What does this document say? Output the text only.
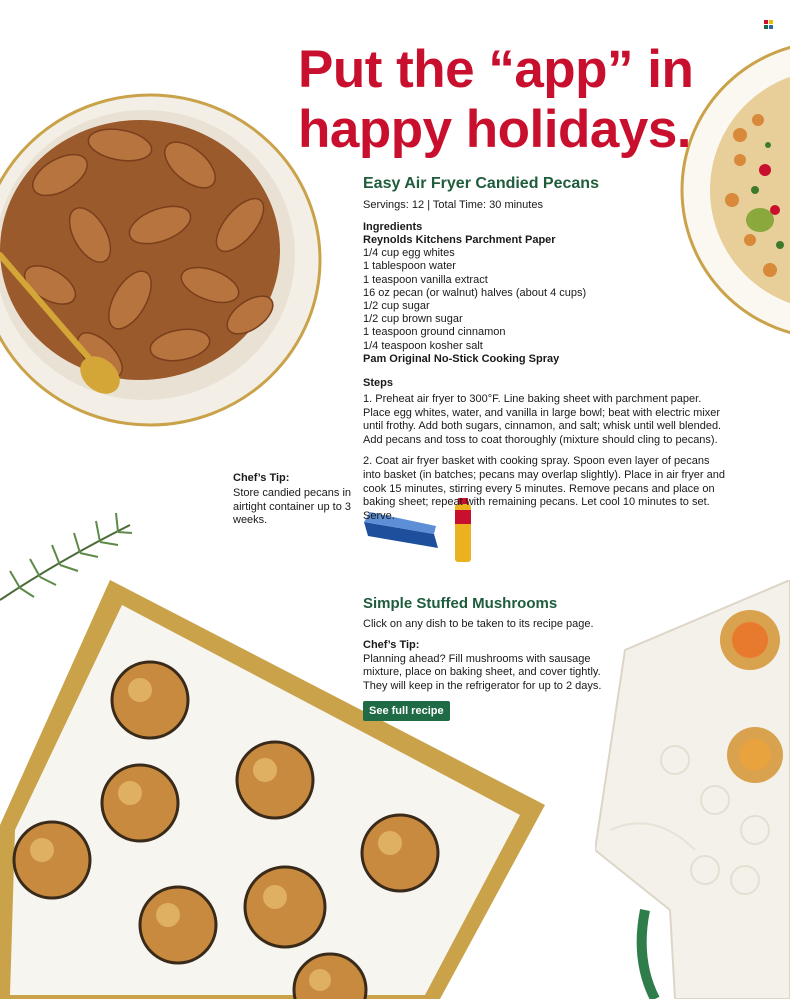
Put the “app” in happy holidays.
Easy Air Fryer Candied Pecans
Servings: 12 | Total Time: 30 minutes
Ingredients
Reynolds Kitchens Parchment Paper
1/4 cup egg whites
1 tablespoon water
1 teaspoon vanilla extract
16 oz pecan (or walnut) halves (about 4 cups)
1/2 cup sugar
1/2 cup brown sugar
1 teaspoon ground cinnamon
1/4 teaspoon kosher salt
Pam Original No-Stick Cooking Spray
Steps

1. Preheat air fryer to 300°F. Line baking sheet with parchment paper. Place egg whites, water, and vanilla in large bowl; beat with electric mixer until frothy. Add both sugars, cinnamon, and salt; whisk until well blended. Add pecans and toss to coat thoroughly (mixture should cling to pecans).

2. Coat air fryer basket with cooking spray. Spoon even layer of pecans into basket (in batches; pecans may overlap slightly). Place in air fryer and cook 15 minutes, stirring every 5 minutes. Remove pecans and place on baking sheet; repeat with remaining pecans. Let cool 10 minutes to set. Serve.

Chef’s Tip:
Store candied pecans in airtight container up to 3 weeks.
Simple Stuffed Mushrooms
Click on any dish to be taken to its recipe page.
Chef’s Tip:
Planning ahead? Fill mushrooms with sausage mixture, place on baking sheet, and cover tightly. They will keep in the refrigerator for up to 2 days.
See full recipe
